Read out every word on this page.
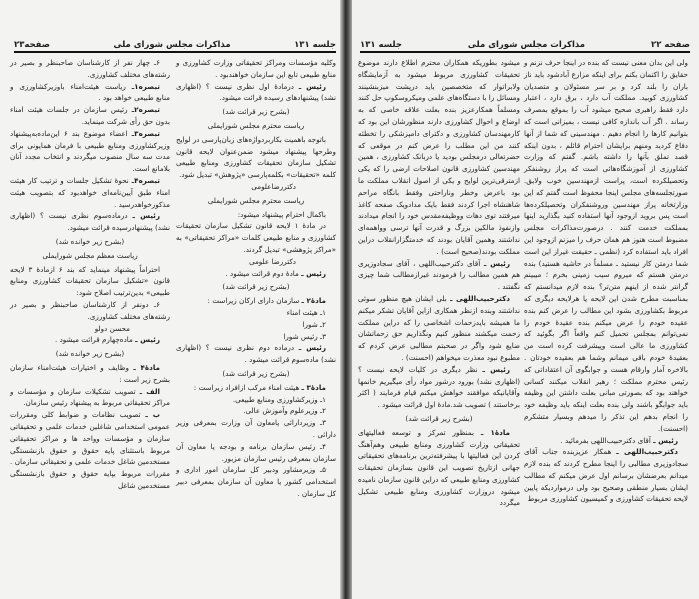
جلسه ۱۳۱
مذاکرات مجلس شورای ملی
صفحه۲۳

وکلیه مؤسسات ومراکز تحقیقاتی وزارت کشاورزی و منابع طبیعی تابع این سازمان خواهندبود .

رئیس ـ درمادهٔ اول نظری نیست ؟ (اظهاری نشد) پیشنهادهای رسیده قرائت میشود.

(بشرح زیر قرائت شد)

ریاست محترم مجلس شورایملی

باتوجه باهمیت بکاربردواژه‌های زبان‌پارسی در لوایح وطرحها پیشنهاد میشود ضمن‌عنوان لایحه قانون تشکیل سازمان تحقیقات کشاورزی ومنابع طبیعی کلمه «تحقیقات» بکلمه‌پارسی «پژوهش» تبدیل شود.

دکتررضاعلومی

ریاست محترم مجلس شورایملی

باکمال احترام پیشنهاد میشود:

در مادهٔ ۱ لایحه قانون تشکیل سازمان تحقیقات کشاورزی و منابع طبیعی کلمات «مراکز تحقیقاتی» به «مراکز پژوهشی» تبدیل گردند.

دکتررضا علومی

رئیس ـ مادهٔ دوم قرائت میشود .

(بشرح زیر قرائت شد)

مادهٔ۲ ـ سازمان دارای ارکان زیراست :

۱ـ هیئت امناء

۲ـ شورا

۳ـ رئیس شورا

رئیس ـ درماده دوم نظری نیست ؟ (اظهاری نشد) ماده‌سوم قرائت میشود .

(بشرح زیر قرائت شد)

مادهٔ۳ ـ هیئت امناء مرکب ازافراد زیراست :

۱ـ وزیرکشاورزی ومنابع طبیعی.

۲ـ وزیرعلوم وآموزش عالی.

۳ـ وزیردارائی یامعاون آن وزارت بمعرفی وزیر دارائی .

۴ـ رئیس سازمان برنامه و بودجه یا معاون آن سازمان بمعرفی رئیس سازمان مزبور.

۵ـ وزیرمشاور ودبیر کل سازمان امور اداری و استخدامی کشور یا معاون آن سازمان بمعرفی دبیر کل سازمان .

۶ـ چهار نفر از کارشناسان صاحبنظر و بصیر در رشته‌های مختلف کشاورزی.

تبصره۱ـ ریاست هیئت‌امناء باوزیرکشاورزی و منابع طبیعی خواهد بود .

تبصره۲ـ رئیس سازمان در جلسات هیئت امناء بدون حق رأی شرکت مینماید.

تبصره۳ـ اعضاء موضوع بند ۶ این‌ماده‌به‌پیشنهاد وزیرکشاورزی ومنابع طبیعی با فرمان همایونی برای مدت سه سال منصوب میگردند و انتخاب مجدد آنان بلامانع است.

تبصره۴ـ نحوهٔ تشکیل جلسات و ترتیب کار هیئت امناء طبق آیین‌نامه‌ای خواهدبود که بتصویب هیئت مذکورخواهدرسید .

رئیس ـ درماده‌سوم نظری نیست ؟ (اظهاری نشد) پیشنهادرسیده قرائت میشود.

(بشرح زیر خوانده شد)

ریاست معظم مجلس شورایملی

احتراماً پیشنهاد مینماید که بند ۶ ازمادهٔ ۳ لایحه قانون «تشکیل سازمان تحقیقات کشاورزی ومنابع طبیعی» بدین‌ترتیب اصلاح شود:

۶ـ دونفر از کارشناسان صاحبنظر و بصیر در رشته‌های مختلف کشاورزی.

محسن دولو

رئیس ـ ماده‌چهارم قرائت میشود .

(بشرح زیر خوانده شد)

مادهٔ۴ ـ وظایف و اختیارات هیئت‌امناء سازمان بشرح زیر است :

الف ـ تصویب تشکیلات سازمان و مؤسسات و مراکز تحقیقاتی مربوط به پیشنهاد رئیس سازمان.

ب ـ تصویب نظامات و ضوابط کلی ومقررات عمومی استخدامی شاغلین خدمات علمی و تحقیقاتی سازمان و مؤسسات وواحد ها و مراکز تحقیقاتی مربوط باستثنای پایه حقوق و حقوق بازنشستگی مستخدمین شاغل خدمات علمی و تحقیقاتی سازمان . مقررات مربوط بپایه حقوق و حقوق بازنشستگی مستخدمین شاغل

صفحه ۲۲
مذاکرات مجلس شورای ملی
جلسه ۱۳۱

ولی این بدان معنی نیست که بنده در اینجا حرف نزنم و حقایق را اکتمان بکنم برای اینکه مزارع آبادشود باید ناز باران را بلند کرد و بر سر مسئولان و متصدیان کشاورزی کوبید. مملکت آب دارد ، برق دارد ، اعتبار دارد فقط راهبری صحیح میشود آب را بموقع بمصرف رساند . اگر آب باندازه کافی نیست ، بمیزانی است که بتوانیم کارها را انجام دهیم . مهندسینی که شما از آنها دفاع کردید ومنهم برایشان احترام قائلم ، بدون اینکه قصد تملق بآنها را داشته باشم. گفتم که وزارت کشاورزی از آموزشگاه‌هائی است که پراز روشنفکر وتحصیلکرده است، پراست ازمهندسین خوب ولایق. صورتجلسه‌های مجلس اینجا محفوظ است گفتم که این وزارتخانه پراز مهندسین وروشنفکران وتحصیلکرده‌ها است پس بروید ازوجود آنها استفاده کنید بگذارید اینها بمملکت خدمت کنند . درصورت‌مذاکرات مجلس مضبوط است هنوز هم همان حرف را میزنم ازوجود این افراد باید استفاده کرد (نظمی ـ حقیقت غیراز این است شما درمتن کار نیستید ـ مسلماً در حاشیه هستید) بنده درمتن هستم که میروم سیب زمینی بخرم ؛ میبینم گرانتر شده از اینهم متن‌تر؟ بنده لازم میدانستم که بمناسبت مطرح شدن این لایحه یا هرلایحه دیگری که مربوط بکشاورزی بشود این مطالب را عرض کنم بنده عقیده خودم را عرض میکنم بنده عقیدهٔ خودم را نمی‌توانم بمجلس تحمیل کنم واقعاً اگر بگوئید که کشاورزی ما عالی است وپیشرفت کرده است من بعقیدهٔ خودم باقی میمانم وشما هم بعقیده خودتان . بالاخره آمار وارقام هست و جوابگوی آن اعتقاداتی که رئیس محترم مملکت ؛ رهبر انقلاب میکنند کسانی خواهند بود که بصورتی مبانی بعلت داشتن این وظیفه باید جوابگو باشند ولی بنده بعلت اینکه باید وظیفه خود را انجام بدهم این تذکر را میدهم وبسیار متشکرم (احسنت).

رئیس ـ آقای دکترحبیب‌اللهی بفرمائید .

دکترحبیب‌اللهی ـ همکار عزیزبنده جناب آقای سجادوزیری مطالبی را اینجا مطرح کردند که بنده لازم میدانم بعرضشان برسانم اول عرض میکنم که مطالب ایشان بسیار منطقی وصحیح بود ولی درمواردیکه پایین لایحه تحقیقات کشاورزی و کمیسیون کشاورزی مربوط

میشود بطوریکه همکاران محترم اطلاع دارند موضوع تحقیقات کشاورزی مربوط میشود به آزمایشگاه ولابراتوار که متخصصین باید درپشت میزبنشینند ومسائل را با دستگاه‌های علمی ومیکروسکوپ حل کنند ومسلماً همکارعزیز بنده بعلت علاقه خاصی که به اوضاع و احوال کشاورزی دارند منظورشان این بود که کارمهندسان کشاورزی و دکترای دامپزشکی را تخطئه کنند من این مطلب را عرض کنم در موقعی که حضرتعالی درمجلس بودید یا دربانک کشاورزی ، همین مهندسین کشاورزی قانون اصلاحات ارضی را که یکی ازمترقی‌ترین لوایح و یکی از اصول انقلاب مملکت ما بود باعرض وخطر وناراحتی وفقط بانگاه مراحم شاهنشاه اجرا کردند فقط بایک مدادویک صفحه کاغذ میرفتند توی دهات ووظیفه‌مقدس خود را انجام میدادند وازنفوذ مالکین بزرگ و قدرت آنها ترسی وواهمه‌ای نداشتند وهمین آقایان بودند که خدمتگزارانقلاب دراین مملکت بودند(صحیح است) .

رئیس ـ آقای دکترحبیب‌اللهی ، آقای سجادوزیری هم همین مطالب را فرمودند غیرازمطالب شما چیزی نگفتند .

دکترحبیب‌اللهی ـ بلی ایشان هیچ منظور سوئی نداشتند وبنده ازنظر همکاری ازاین آقایان تشکر میکنم ما همیشه بایدزحمات اشخاصی را که دراین مملکت زحمت میکشند منظور کنیم ونگذاریم حق زحماتشان ضایع شود واگر در صحبتم مطالبی عرض کردم که مطبوع نبود معذرت میخواهم (احسنت) .

رئیس ـ نظر دیگری در کلیات لایحه نیست ؟ (اظهاری نشد) بورود درشور مواد رأی میگیریم خانمها وآقایانیکه موافقند خواهش میکنم قیام فرمایند ( اکثر برخاستند ) تصویب شد.مادهٔ اول قرائت میشود .

(بشرح زیر قرائت شد)

مادهٔ۱ ـ بمنظور تمرکز و توسعه فعالیتهای تحقیقاتی وزارت کشاورزی ومنابع طبیعی وهم‌آهنگ کردن این فعالیتها با پیشرفته‌ترین برنامه‌های تحقیقاتی جهانی ازتاریخ تصویب این قانون بسازمان تحقیقات کشاورزی ومنابع طبیعی که دراین قانون سازمان نامیده میشود دروزارت کشاورزی ومنابع طبیعی تشکیل میگردد
